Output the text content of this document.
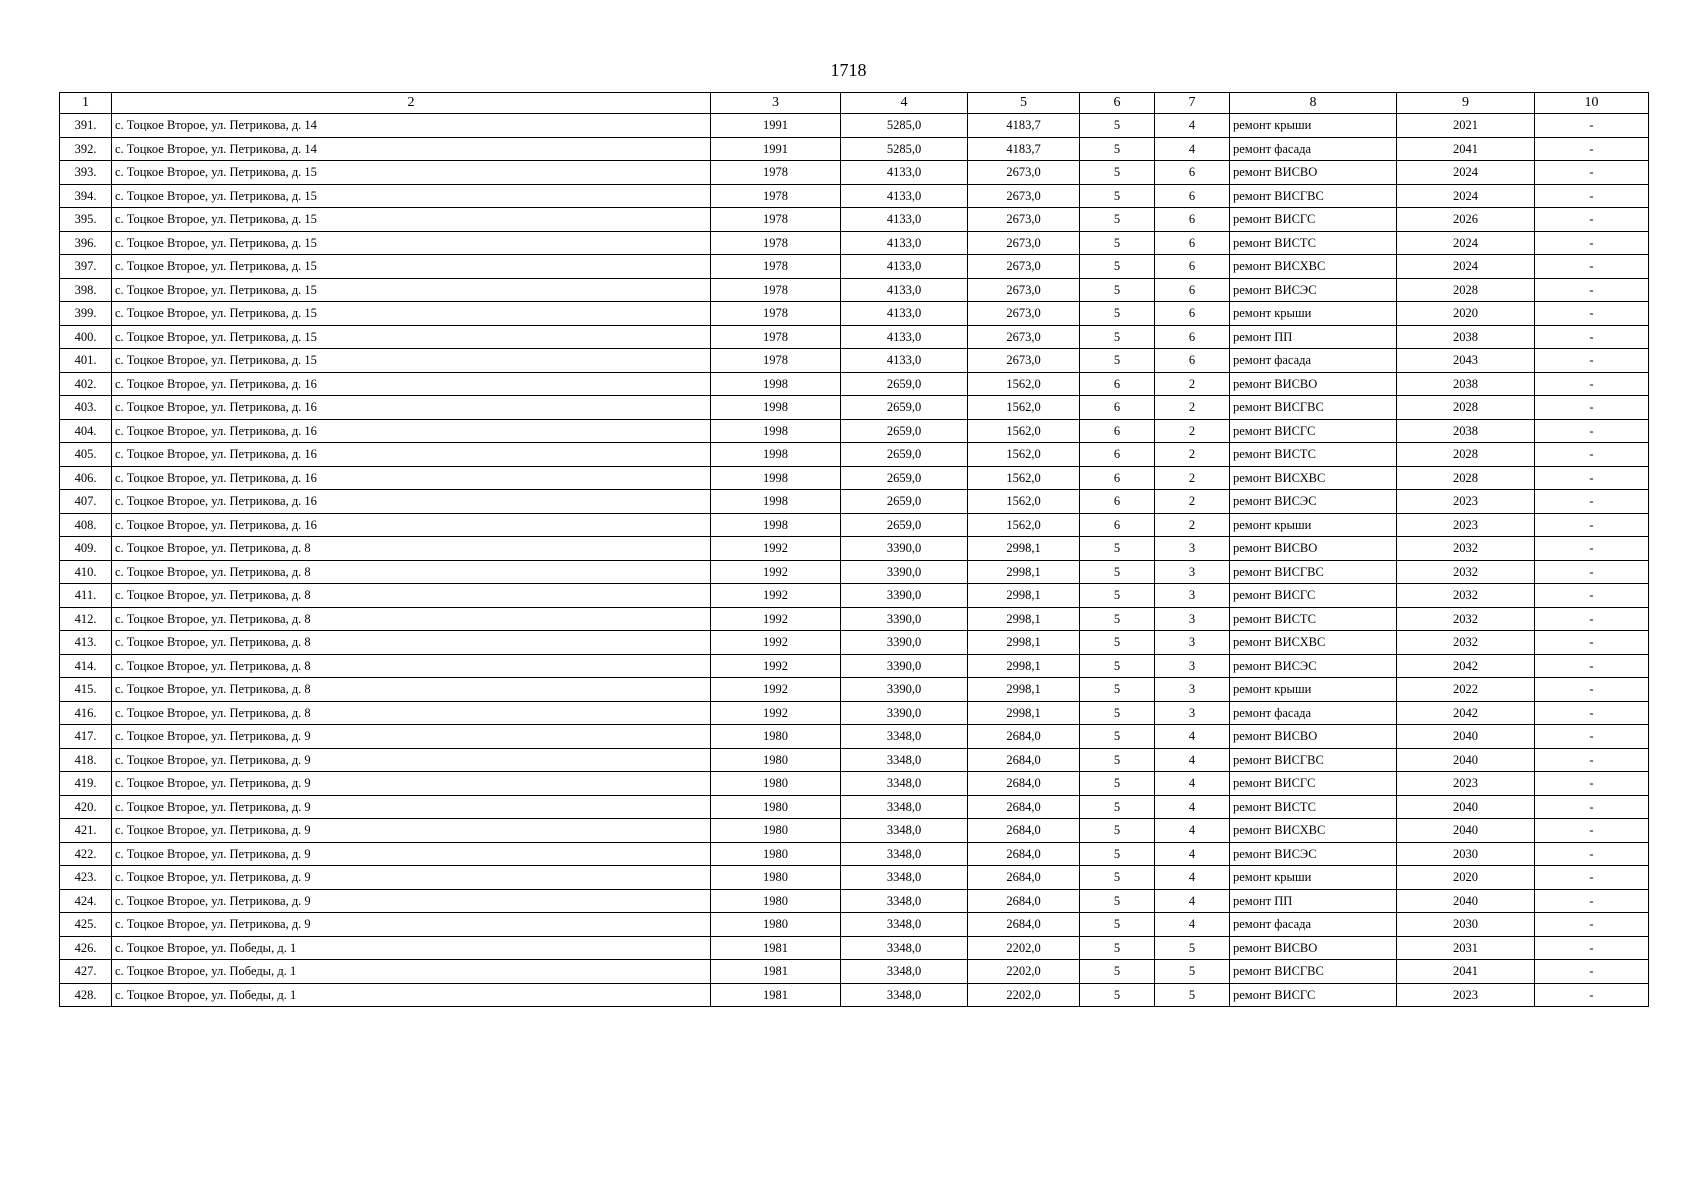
1718
1	2	3	4	5	6	7	8	9	10
391.	с. Тоцкое Второе, ул. Петрикова, д. 14	1991	5285,0	4183,7	5	4	ремонт крыши	2021	-
392.	с. Тоцкое Второе, ул. Петрикова, д. 14	1991	5285,0	4183,7	5	4	ремонт фасада	2041	-
393.	с. Тоцкое Второе, ул. Петрикова, д. 15	1978	4133,0	2673,0	5	6	ремонт ВИСВО	2024	-
394.	с. Тоцкое Второе, ул. Петрикова, д. 15	1978	4133,0	2673,0	5	6	ремонт ВИСГВС	2024	-
395.	с. Тоцкое Второе, ул. Петрикова, д. 15	1978	4133,0	2673,0	5	6	ремонт ВИСГС	2026	-
396.	с. Тоцкое Второе, ул. Петрикова, д. 15	1978	4133,0	2673,0	5	6	ремонт ВИСТС	2024	-
397.	с. Тоцкое Второе, ул. Петрикова, д. 15	1978	4133,0	2673,0	5	6	ремонт ВИСХВС	2024	-
398.	с. Тоцкое Второе, ул. Петрикова, д. 15	1978	4133,0	2673,0	5	6	ремонт ВИСЭС	2028	-
399.	с. Тоцкое Второе, ул. Петрикова, д. 15	1978	4133,0	2673,0	5	6	ремонт крыши	2020	-
400.	с. Тоцкое Второе, ул. Петрикова, д. 15	1978	4133,0	2673,0	5	6	ремонт ПП	2038	-
401.	с. Тоцкое Второе, ул. Петрикова, д. 15	1978	4133,0	2673,0	5	6	ремонт фасада	2043	-
402.	с. Тоцкое Второе, ул. Петрикова, д. 16	1998	2659,0	1562,0	6	2	ремонт ВИСВО	2038	-
403.	с. Тоцкое Второе, ул. Петрикова, д. 16	1998	2659,0	1562,0	6	2	ремонт ВИСГВС	2028	-
404.	с. Тоцкое Второе, ул. Петрикова, д. 16	1998	2659,0	1562,0	6	2	ремонт ВИСГС	2038	-
405.	с. Тоцкое Второе, ул. Петрикова, д. 16	1998	2659,0	1562,0	6	2	ремонт ВИСТС	2028	-
406.	с. Тоцкое Второе, ул. Петрикова, д. 16	1998	2659,0	1562,0	6	2	ремонт ВИСХВС	2028	-
407.	с. Тоцкое Второе, ул. Петрикова, д. 16	1998	2659,0	1562,0	6	2	ремонт ВИСЭС	2023	-
408.	с. Тоцкое Второе, ул. Петрикова, д. 16	1998	2659,0	1562,0	6	2	ремонт крыши	2023	-
409.	с. Тоцкое Второе, ул. Петрикова, д. 8	1992	3390,0	2998,1	5	3	ремонт ВИСВО	2032	-
410.	с. Тоцкое Второе, ул. Петрикова, д. 8	1992	3390,0	2998,1	5	3	ремонт ВИСГВС	2032	-
411.	с. Тоцкое Второе, ул. Петрикова, д. 8	1992	3390,0	2998,1	5	3	ремонт ВИСГС	2032	-
412.	с. Тоцкое Второе, ул. Петрикова, д. 8	1992	3390,0	2998,1	5	3	ремонт ВИСТС	2032	-
413.	с. Тоцкое Второе, ул. Петрикова, д. 8	1992	3390,0	2998,1	5	3	ремонт ВИСХВС	2032	-
414.	с. Тоцкое Второе, ул. Петрикова, д. 8	1992	3390,0	2998,1	5	3	ремонт ВИСЭС	2042	-
415.	с. Тоцкое Второе, ул. Петрикова, д. 8	1992	3390,0	2998,1	5	3	ремонт крыши	2022	-
416.	с. Тоцкое Второе, ул. Петрикова, д. 8	1992	3390,0	2998,1	5	3	ремонт фасада	2042	-
417.	с. Тоцкое Второе, ул. Петрикова, д. 9	1980	3348,0	2684,0	5	4	ремонт ВИСВО	2040	-
418.	с. Тоцкое Второе, ул. Петрикова, д. 9	1980	3348,0	2684,0	5	4	ремонт ВИСГВС	2040	-
419.	с. Тоцкое Второе, ул. Петрикова, д. 9	1980	3348,0	2684,0	5	4	ремонт ВИСГС	2023	-
420.	с. Тоцкое Второе, ул. Петрикова, д. 9	1980	3348,0	2684,0	5	4	ремонт ВИСТС	2040	-
421.	с. Тоцкое Второе, ул. Петрикова, д. 9	1980	3348,0	2684,0	5	4	ремонт ВИСХВС	2040	-
422.	с. Тоцкое Второе, ул. Петрикова, д. 9	1980	3348,0	2684,0	5	4	ремонт ВИСЭС	2030	-
423.	с. Тоцкое Второе, ул. Петрикова, д. 9	1980	3348,0	2684,0	5	4	ремонт крыши	2020	-
424.	с. Тоцкое Второе, ул. Петрикова, д. 9	1980	3348,0	2684,0	5	4	ремонт ПП	2040	-
425.	с. Тоцкое Второе, ул. Петрикова, д. 9	1980	3348,0	2684,0	5	4	ремонт фасада	2030	-
426.	с. Тоцкое Второе, ул. Победы, д. 1	1981	3348,0	2202,0	5	5	ремонт ВИСВО	2031	-
427.	с. Тоцкое Второе, ул. Победы, д. 1	1981	3348,0	2202,0	5	5	ремонт ВИСГВС	2041	-
428.	с. Тоцкое Второе, ул. Победы, д. 1	1981	3348,0	2202,0	5	5	ремонт ВИСГС	2023	-
